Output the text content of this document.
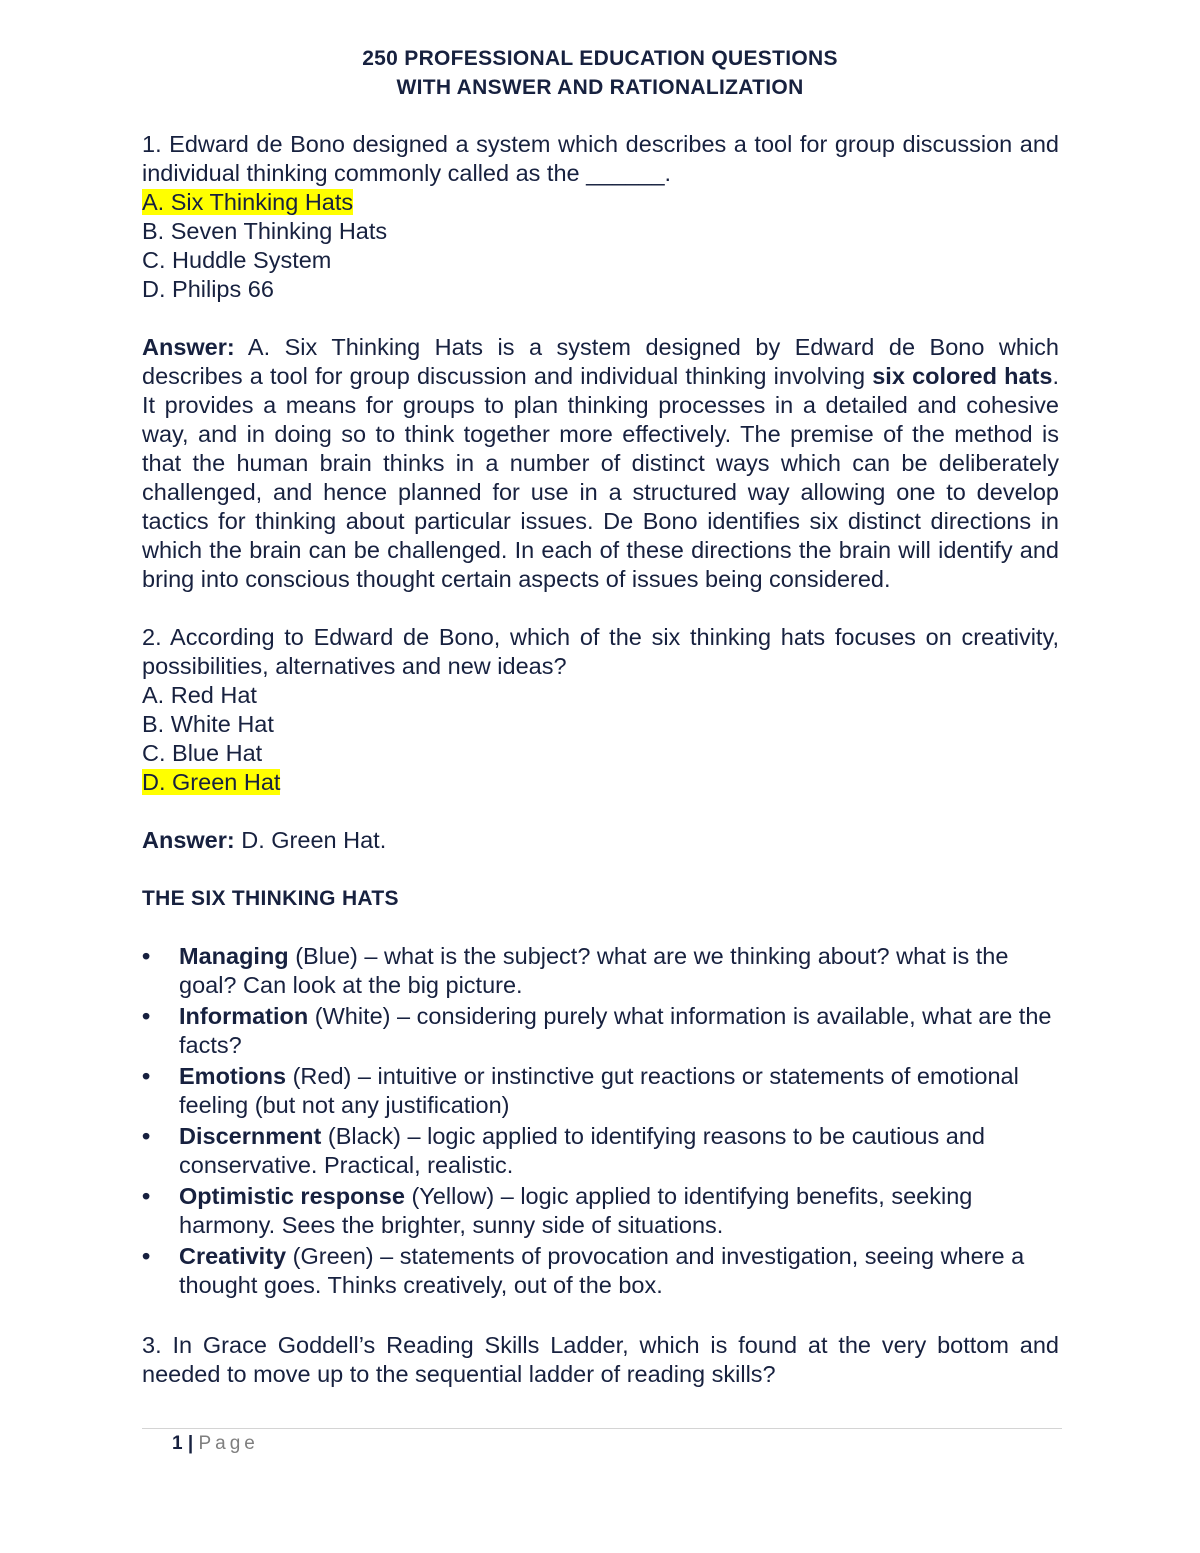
250 PROFESSIONAL EDUCATION QUESTIONS
WITH ANSWER AND RATIONALIZATION

1. Edward de Bono designed a system which describes a tool for group discussion and individual thinking commonly called as the ______.

A. Six Thinking Hats

B. Seven Thinking Hats

C. Huddle System

D. Philips 66

Answer: A. Six Thinking Hats is a system designed by Edward de Bono which describes a tool for group discussion and individual thinking involving six colored hats. It provides a means for groups to plan thinking processes in a detailed and cohesive way, and in doing so to think together more effectively. The premise of the method is that the human brain thinks in a number of distinct ways which can be deliberately challenged, and hence planned for use in a structured way allowing one to develop tactics for thinking about particular issues. De Bono identifies six distinct directions in which the brain can be challenged. In each of these directions the brain will identify and bring into conscious thought certain aspects of issues being considered.

2. According to Edward de Bono, which of the six thinking hats focuses on creativity, possibilities, alternatives and new ideas?

A. Red Hat

B. White Hat

C. Blue Hat

D. Green Hat

Answer: D. Green Hat.

THE SIX THINKING HATS

•	Managing (Blue) – what is the subject? what are we thinking about? what is the goal? Can look at the big picture.
•	Information (White) – considering purely what information is available, what are the facts?
•	Emotions (Red) – intuitive or instinctive gut reactions or statements of emotional feeling (but not any justification)
•	Discernment (Black) – logic applied to identifying reasons to be cautious and conservative. Practical, realistic.
•	Optimistic response (Yellow) – logic applied to identifying benefits, seeking harmony. Sees the brighter, sunny side of situations.
•	Creativity (Green) – statements of provocation and investigation, seeing where a thought goes. Thinks creatively, out of the box.

3. In Grace Goddell’s Reading Skills Ladder, which is found at the very bottom and needed to move up to the sequential ladder of reading skills?

1 | Page
